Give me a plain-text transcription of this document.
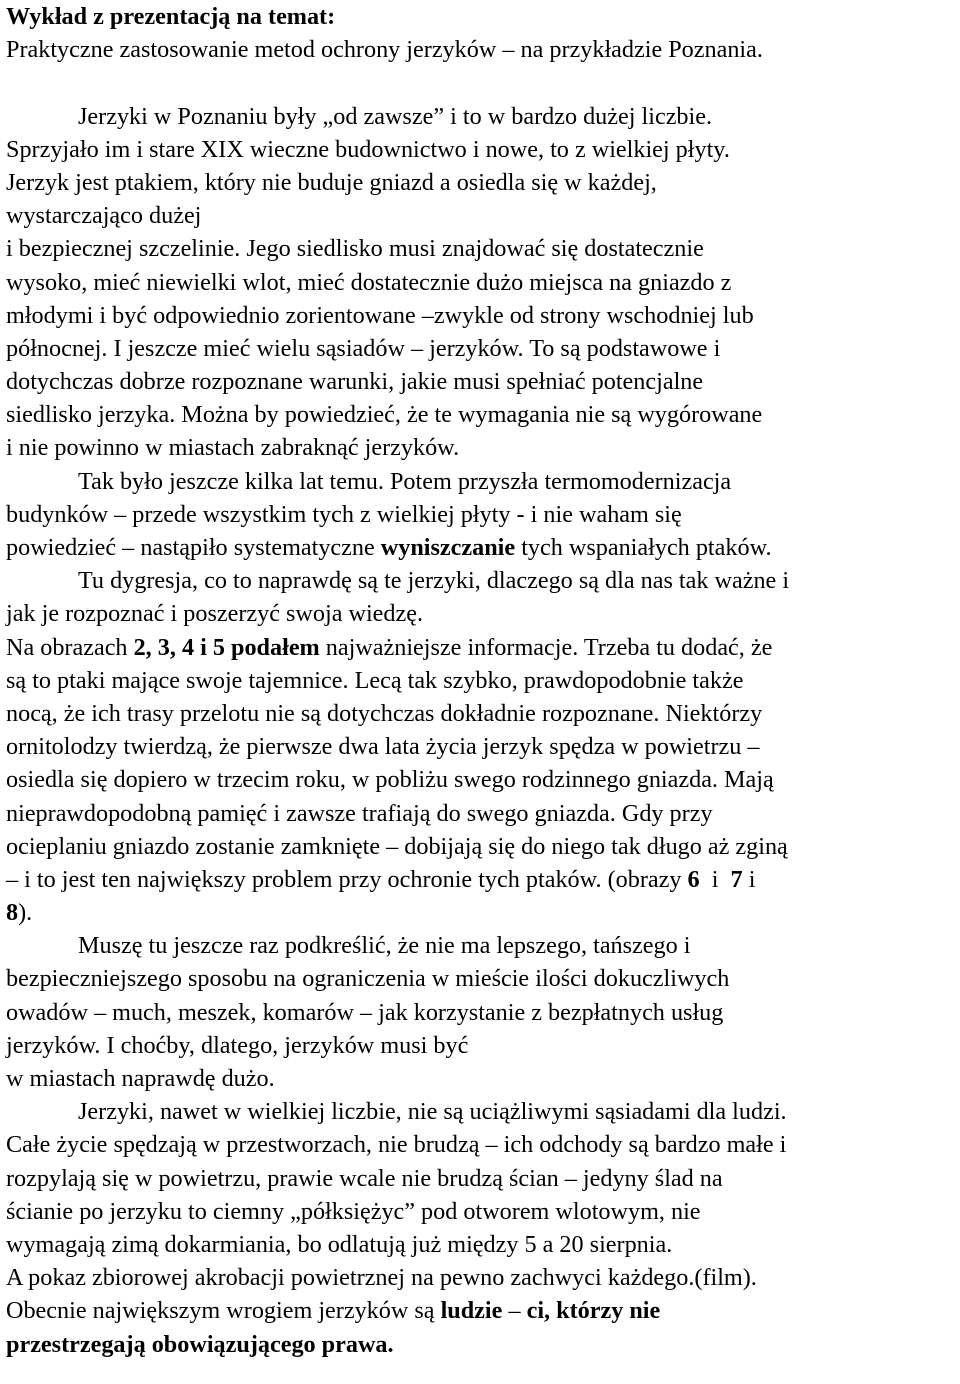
Wykład z prezentacją na temat:
Praktyczne zastosowanie metod ochrony jerzyków – na przykładzie Poznania.
Jerzyki w Poznaniu były „od zawsze” i to w bardzo dużej liczbie.
Sprzyjało im i stare XIX wieczne budownictwo i nowe, to z wielkiej płyty.
Jerzyk jest ptakiem, który nie buduje gniazd a osiedla się w każdej,
wystarczająco dużej
i bezpiecznej szczelinie. Jego siedlisko musi znajdować się dostatecznie
wysoko, mieć niewielki wlot, mieć dostatecznie dużo miejsca na gniazdo z
młodymi i być odpowiednio zorientowane –zwykle od strony wschodniej lub
północnej. I jeszcze mieć wielu sąsiadów – jerzyków. To są podstawowe i
dotychczas dobrze rozpoznane warunki, jakie musi spełniać potencjalne
siedlisko jerzyka. Można by powiedzieć, że te wymagania nie są wygórowane
i nie powinno w miastach zabraknąć jerzyków.
Tak było jeszcze kilka lat temu. Potem przyszła termomodernizacja
budynków – przede wszystkim tych z wielkiej płyty - i nie waham się
powiedzieć – nastąpiło systematyczne wyniszczanie tych wspaniałych ptaków.
Tu dygresja, co to naprawdę są te jerzyki, dlaczego są dla nas tak ważne i
jak je rozpoznać i poszerzyć swoja wiedzę.
Na obrazach 2, 3, 4 i 5 podałem najważniejsze informacje. Trzeba tu dodać, że
są to ptaki mające swoje tajemnice. Lecą tak szybko, prawdopodobnie także
nocą, że ich trasy przelotu nie są dotychczas dokładnie rozpoznane. Niektórzy
ornitolodzy twierdzą, że pierwsze dwa lata życia jerzyk spędza w powietrzu –
osiedla się dopiero w trzecim roku, w pobliżu swego rodzinnego gniazda. Mają
nieprawdopodobną pamięć i zawsze trafiają do swego gniazda. Gdy przy
ocieplaniu gniazdo zostanie zamknięte – dobijają się do niego tak długo aż zginą
– i to jest ten największy problem przy ochronie tych ptaków. (obrazy 6  i  7 i
8).
Muszę tu jeszcze raz podkreślić, że nie ma lepszego, tańszego i
bezpieczniejszego sposobu na ograniczenia w mieście ilości dokuczliwych
owadów – much, meszek, komarów – jak korzystanie z bezpłatnych usług
jerzyków. I choćby, dlatego, jerzyków musi być
w miastach naprawdę dużo.
Jerzyki, nawet w wielkiej liczbie, nie są uciążliwymi sąsiadami dla ludzi.
Całe życie spędzają w przestworzach, nie brudzą – ich odchody są bardzo małe i
rozpylają się w powietrzu, prawie wcale nie brudzą ścian – jedyny ślad na
ścianie po jerzyku to ciemny „półksiężyc” pod otworem wlotowym, nie
wymagają zimą dokarmiania, bo odlatują już między 5 a 20 sierpnia.
A pokaz zbiorowej akrobacji powietrznej na pewno zachwyci każdego.(film).
Obecnie największym wrogiem jerzyków są ludzie – ci, którzy nie
przestrzegają obowiązującego prawa.
